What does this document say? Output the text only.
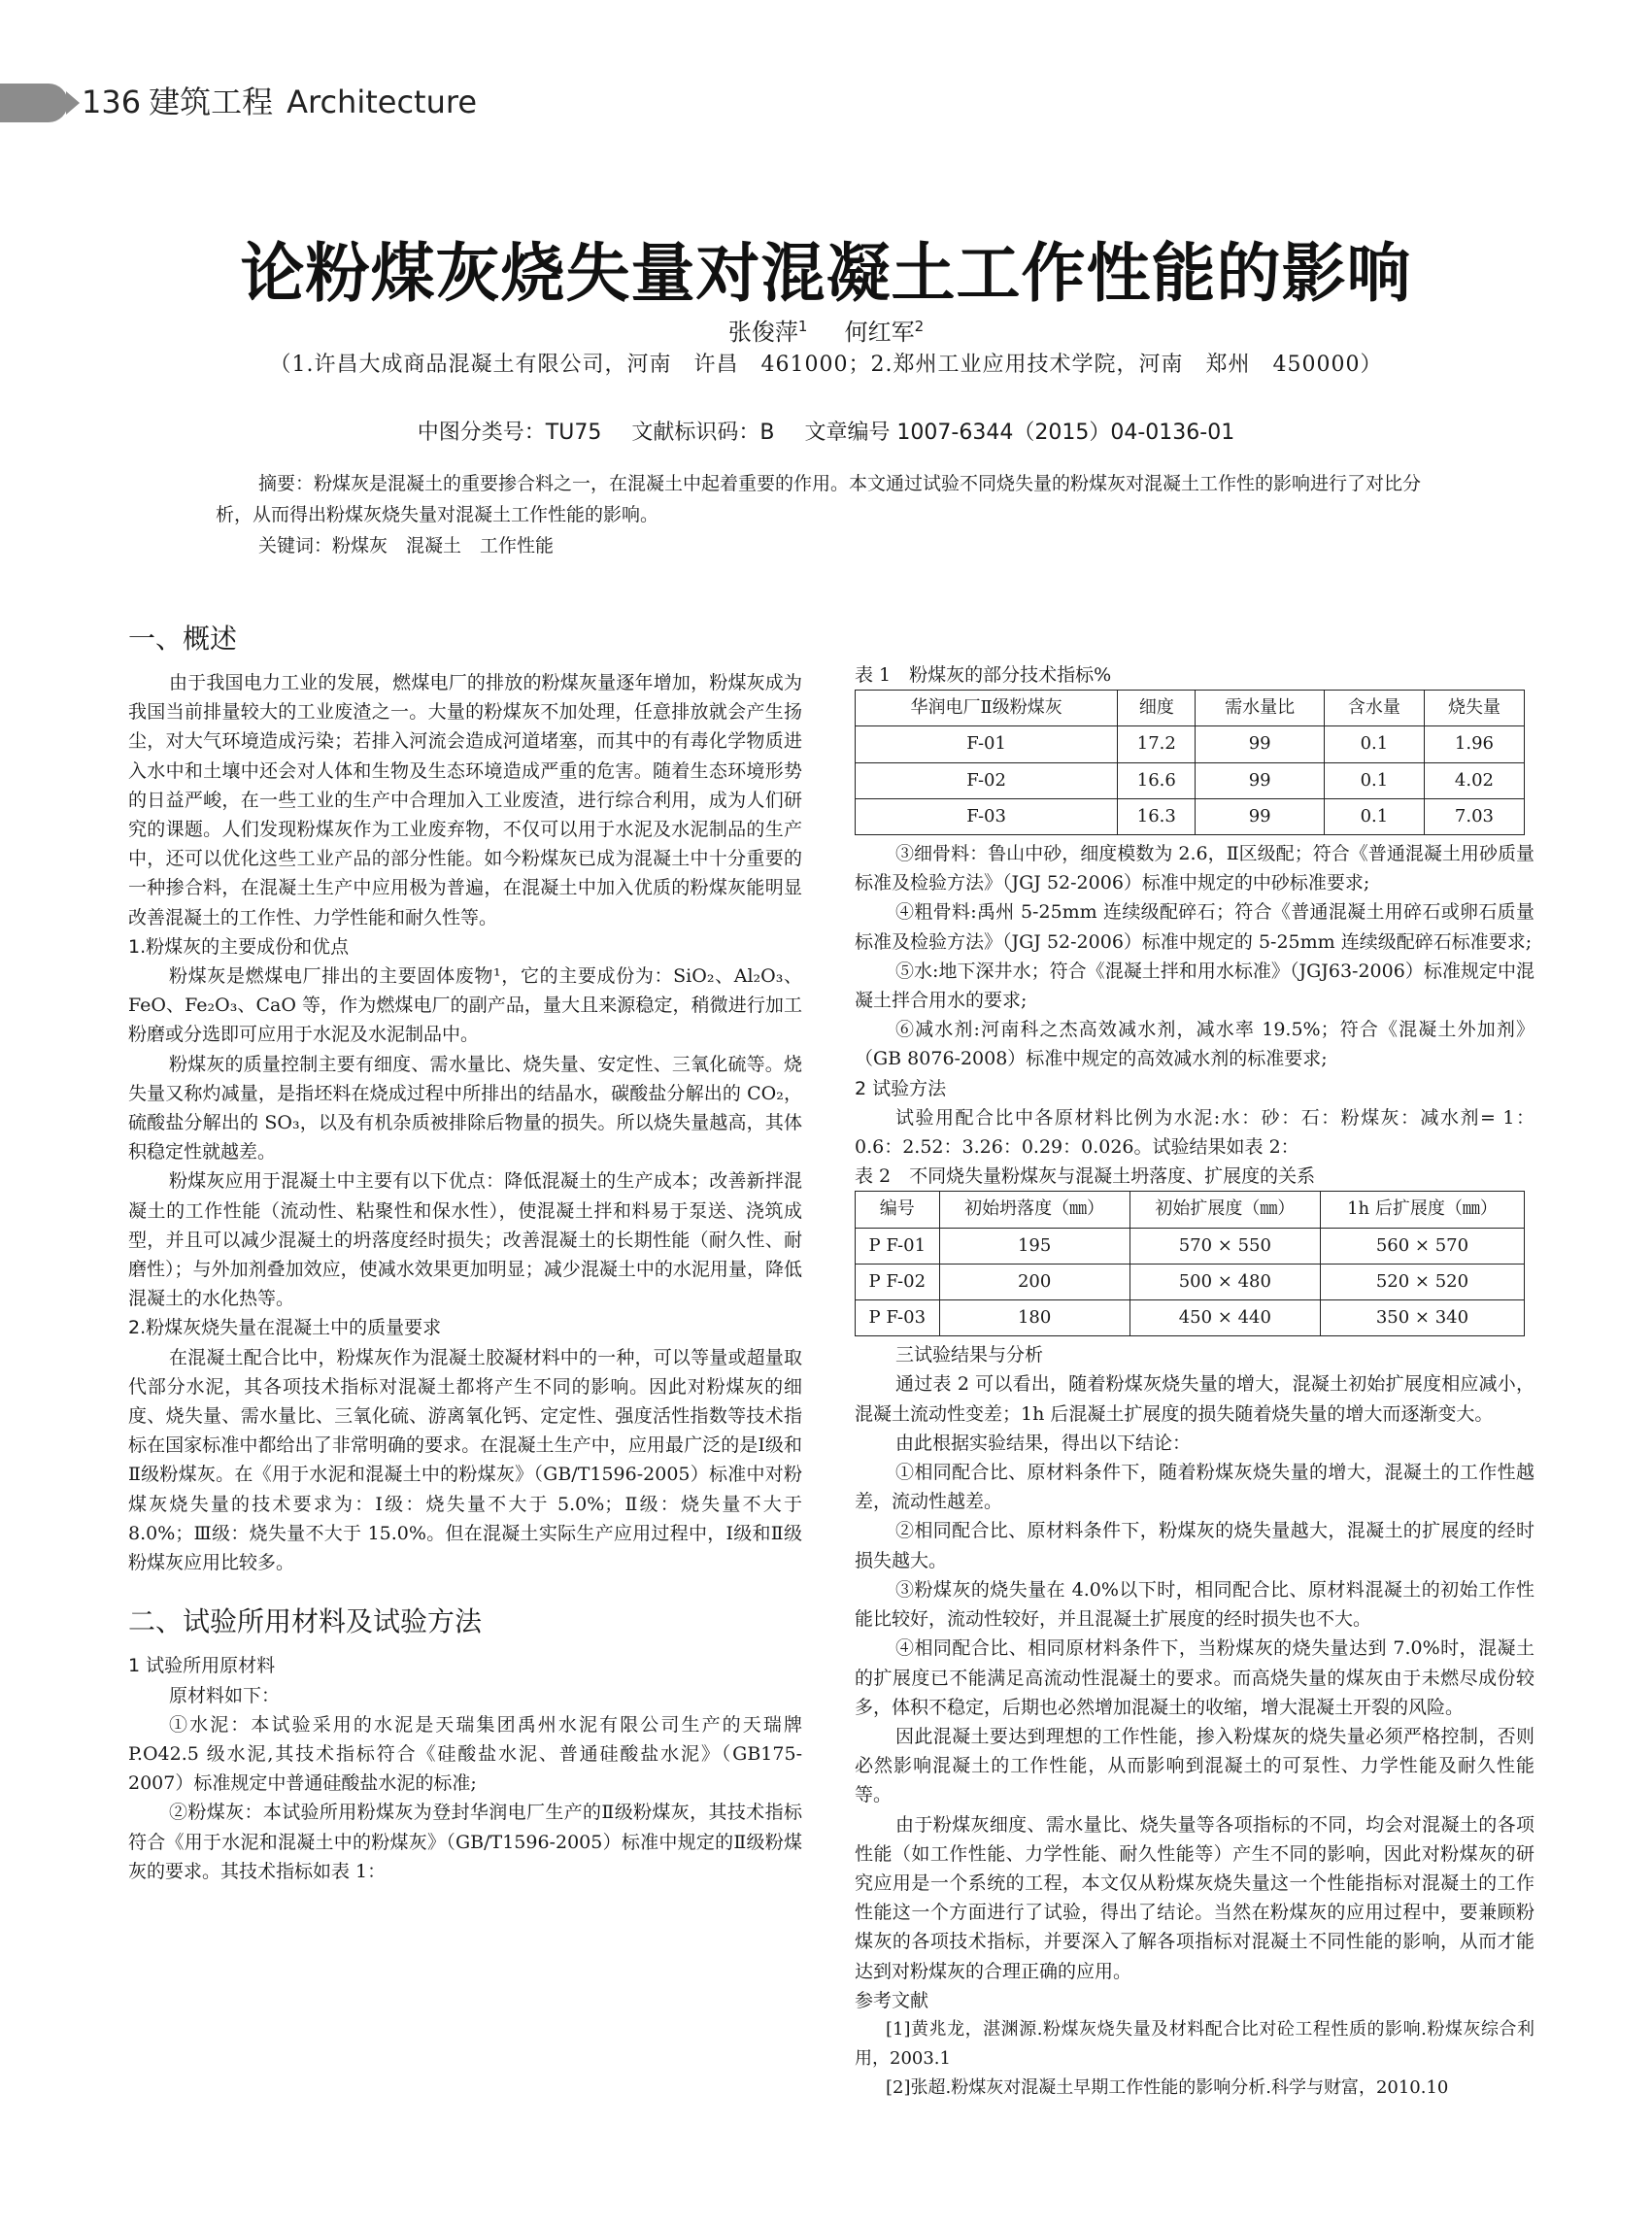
136 建筑工程 Architecture
论粉煤灰烧失量对混凝土工作性能的影响
张俊萍$^1$ 何红军$^2$
（1.许昌大成商品混凝土有限公司，河南　许昌　461000；2.郑州工业应用技术学院，河南　郑州　450000）
中图分类号：TU75 文献标识码：B 文章编号 1007-6344（2015）04-0136-01

摘要：粉煤灰是混凝土的重要掺合料之一，在混凝土中起着重要的作用。本文通过试验不同烧失量的粉煤灰对混凝土工作性的影响进行了对比分析，从而得出粉煤灰烧失量对混凝土工作性能的影响。

关键词：粉煤灰　混凝土　工作性能

一、概述

由于我国电力工业的发展，燃煤电厂的排放的粉煤灰量逐年增加，粉煤灰成为我国当前排量较大的工业废渣之一。大量的粉煤灰不加处理，任意排放就会产生扬尘，对大气环境造成污染；若排入河流会造成河道堵塞，而其中的有毒化学物质进入水中和土壤中还会对人体和生物及生态环境造成严重的危害。随着生态环境形势的日益严峻，在一些工业的生产中合理加入工业废渣，进行综合利用，成为人们研究的课题。人们发现粉煤灰作为工业废弃物，不仅可以用于水泥及水泥制品的生产中，还可以优化这些工业产品的部分性能。如今粉煤灰已成为混凝土中十分重要的一种掺合料，在混凝土生产中应用极为普遍，在混凝土中加入优质的粉煤灰能明显改善混凝土的工作性、力学性能和耐久性等。

1.粉煤灰的主要成份和优点

粉煤灰是燃煤电厂排出的主要固体废物¹，它的主要成份为：SiO₂、Al₂O₃、FeO、Fe₂O₃、CaO 等，作为燃煤电厂的副产品，量大且来源稳定，稍微进行加工粉磨或分选即可应用于水泥及水泥制品中。

粉煤灰的质量控制主要有细度、需水量比、烧失量、安定性、三氧化硫等。烧失量又称灼减量，是指坯料在烧成过程中所排出的结晶水，碳酸盐分解出的 CO₂，硫酸盐分解出的 SO₃，以及有机杂质被排除后物量的损失。所以烧失量越高，其体积稳定性就越差。

粉煤灰应用于混凝土中主要有以下优点：降低混凝土的生产成本；改善新拌混凝土的工作性能（流动性、粘聚性和保水性），使混凝土拌和料易于泵送、浇筑成型，并且可以减少混凝土的坍落度经时损失；改善混凝土的长期性能（耐久性、耐磨性）；与外加剂叠加效应，使减水效果更加明显；减少混凝土中的水泥用量，降低混凝土的水化热等。

2.粉煤灰烧失量在混凝土中的质量要求

在混凝土配合比中，粉煤灰作为混凝土胶凝材料中的一种，可以等量或超量取代部分水泥，其各项技术指标对混凝土都将产生不同的影响。因此对粉煤灰的细度、烧失量、需水量比、三氧化硫、游离氧化钙、定定性、强度活性指数等技术指标在国家标准中都给出了非常明确的要求。在混凝土生产中，应用最广泛的是Ⅰ级和Ⅱ级粉煤灰。在《用于水泥和混凝土中的粉煤灰》（GB/T1596-2005）标准中对粉煤灰烧失量的技术要求为：Ⅰ级：烧失量不大于 5.0%；Ⅱ级：烧失量不大于 8.0%；Ⅲ级：烧失量不大于 15.0%。但在混凝土实际生产应用过程中，Ⅰ级和Ⅱ级粉煤灰应用比较多。

二、试验所用材料及试验方法

1 试验所用原材料

原材料如下：

①水泥：本试验采用的水泥是天瑞集团禹州水泥有限公司生产的天瑞牌 P.O42.5 级水泥,其技术指标符合《硅酸盐水泥、普通硅酸盐水泥》（GB175-2007）标准规定中普通硅酸盐水泥的标准;

②粉煤灰：本试验所用粉煤灰为登封华润电厂生产的Ⅱ级粉煤灰，其技术指标符合《用于水泥和混凝土中的粉煤灰》（GB/T1596-2005）标准中规定的Ⅱ级粉煤灰的要求。其技术指标如表 1：

表 1　粉煤灰的部分技术指标%

华润电厂Ⅱ级粉煤灰	细度	需水量比	含水量	烧失量
F-01	17.2	99	0.1	1.96
F-02	16.6	99	0.1	4.02
F-03	16.3	99	0.1	7.03

③细骨料：鲁山中砂，细度模数为 2.6，Ⅱ区级配；符合《普通混凝土用砂质量标准及检验方法》（JGJ 52-2006）标准中规定的中砂标准要求;

④粗骨料:禹州 5-25mm 连续级配碎石；符合《普通混凝土用碎石或卵石质量标准及检验方法》（JGJ 52-2006）标准中规定的 5-25mm 连续级配碎石标准要求;

⑤水:地下深井水；符合《混凝土拌和用水标准》（JGJ63-2006）标准规定中混凝土拌合用水的要求;

⑥减水剂:河南科之杰高效减水剂，减水率 19.5%；符合《混凝土外加剂》（GB 8076-2008）标准中规定的高效减水剂的标准要求;

2 试验方法

试验用配合比中各原材料比例为水泥:水：砂：石：粉煤灰：减水剂= 1：0.6：2.52：3.26：0.29：0.026。试验结果如表 2：

表 2　不同烧失量粉煤灰与混凝土坍落度、扩展度的关系

编号	初始坍落度（㎜）	初始扩展度（㎜）	1h 后扩展度（㎜）
P F-01	195	570 × 550	560 × 570
P F-02	200	500 × 480	520 × 520
P F-03	180	450 × 440	350 × 340

三试验结果与分析

通过表 2 可以看出，随着粉煤灰烧失量的增大，混凝土初始扩展度相应减小，混凝土流动性变差；1h 后混凝土扩展度的损失随着烧失量的增大而逐渐变大。

由此根据实验结果，得出以下结论：

①相同配合比、原材料条件下，随着粉煤灰烧失量的增大，混凝土的工作性越差，流动性越差。

②相同配合比、原材料条件下，粉煤灰的烧失量越大，混凝土的扩展度的经时损失越大。

③粉煤灰的烧失量在 4.0%以下时，相同配合比、原材料混凝土的初始工作性能比较好，流动性较好，并且混凝土扩展度的经时损失也不大。

④相同配合比、相同原材料条件下，当粉煤灰的烧失量达到 7.0%时，混凝土的扩展度已不能满足高流动性混凝土的要求。而高烧失量的煤灰由于未燃尽成份较多，体积不稳定，后期也必然增加混凝土的收缩，增大混凝土开裂的风险。

因此混凝土要达到理想的工作性能，掺入粉煤灰的烧失量必须严格控制，否则必然影响混凝土的工作性能，从而影响到混凝土的可泵性、力学性能及耐久性能等。

由于粉煤灰细度、需水量比、烧失量等各项指标的不同，均会对混凝土的各项性能（如工作性能、力学性能、耐久性能等）产生不同的影响，因此对粉煤灰的研究应用是一个系统的工程，本文仅从粉煤灰烧失量这一个性能指标对混凝土的工作性能这一个方面进行了试验，得出了结论。当然在粉煤灰的应用过程中，要兼顾粉煤灰的各项技术指标，并要深入了解各项指标对混凝土不同性能的影响，从而才能达到对粉煤灰的合理正确的应用。

参考文献

[1]黄兆龙，湛渊源.粉煤灰烧失量及材料配合比对砼工程性质的影响.粉煤灰综合利用，2003.1

[2]张超.粉煤灰对混凝土早期工作性能的影响分析.科学与财富，2010.10
